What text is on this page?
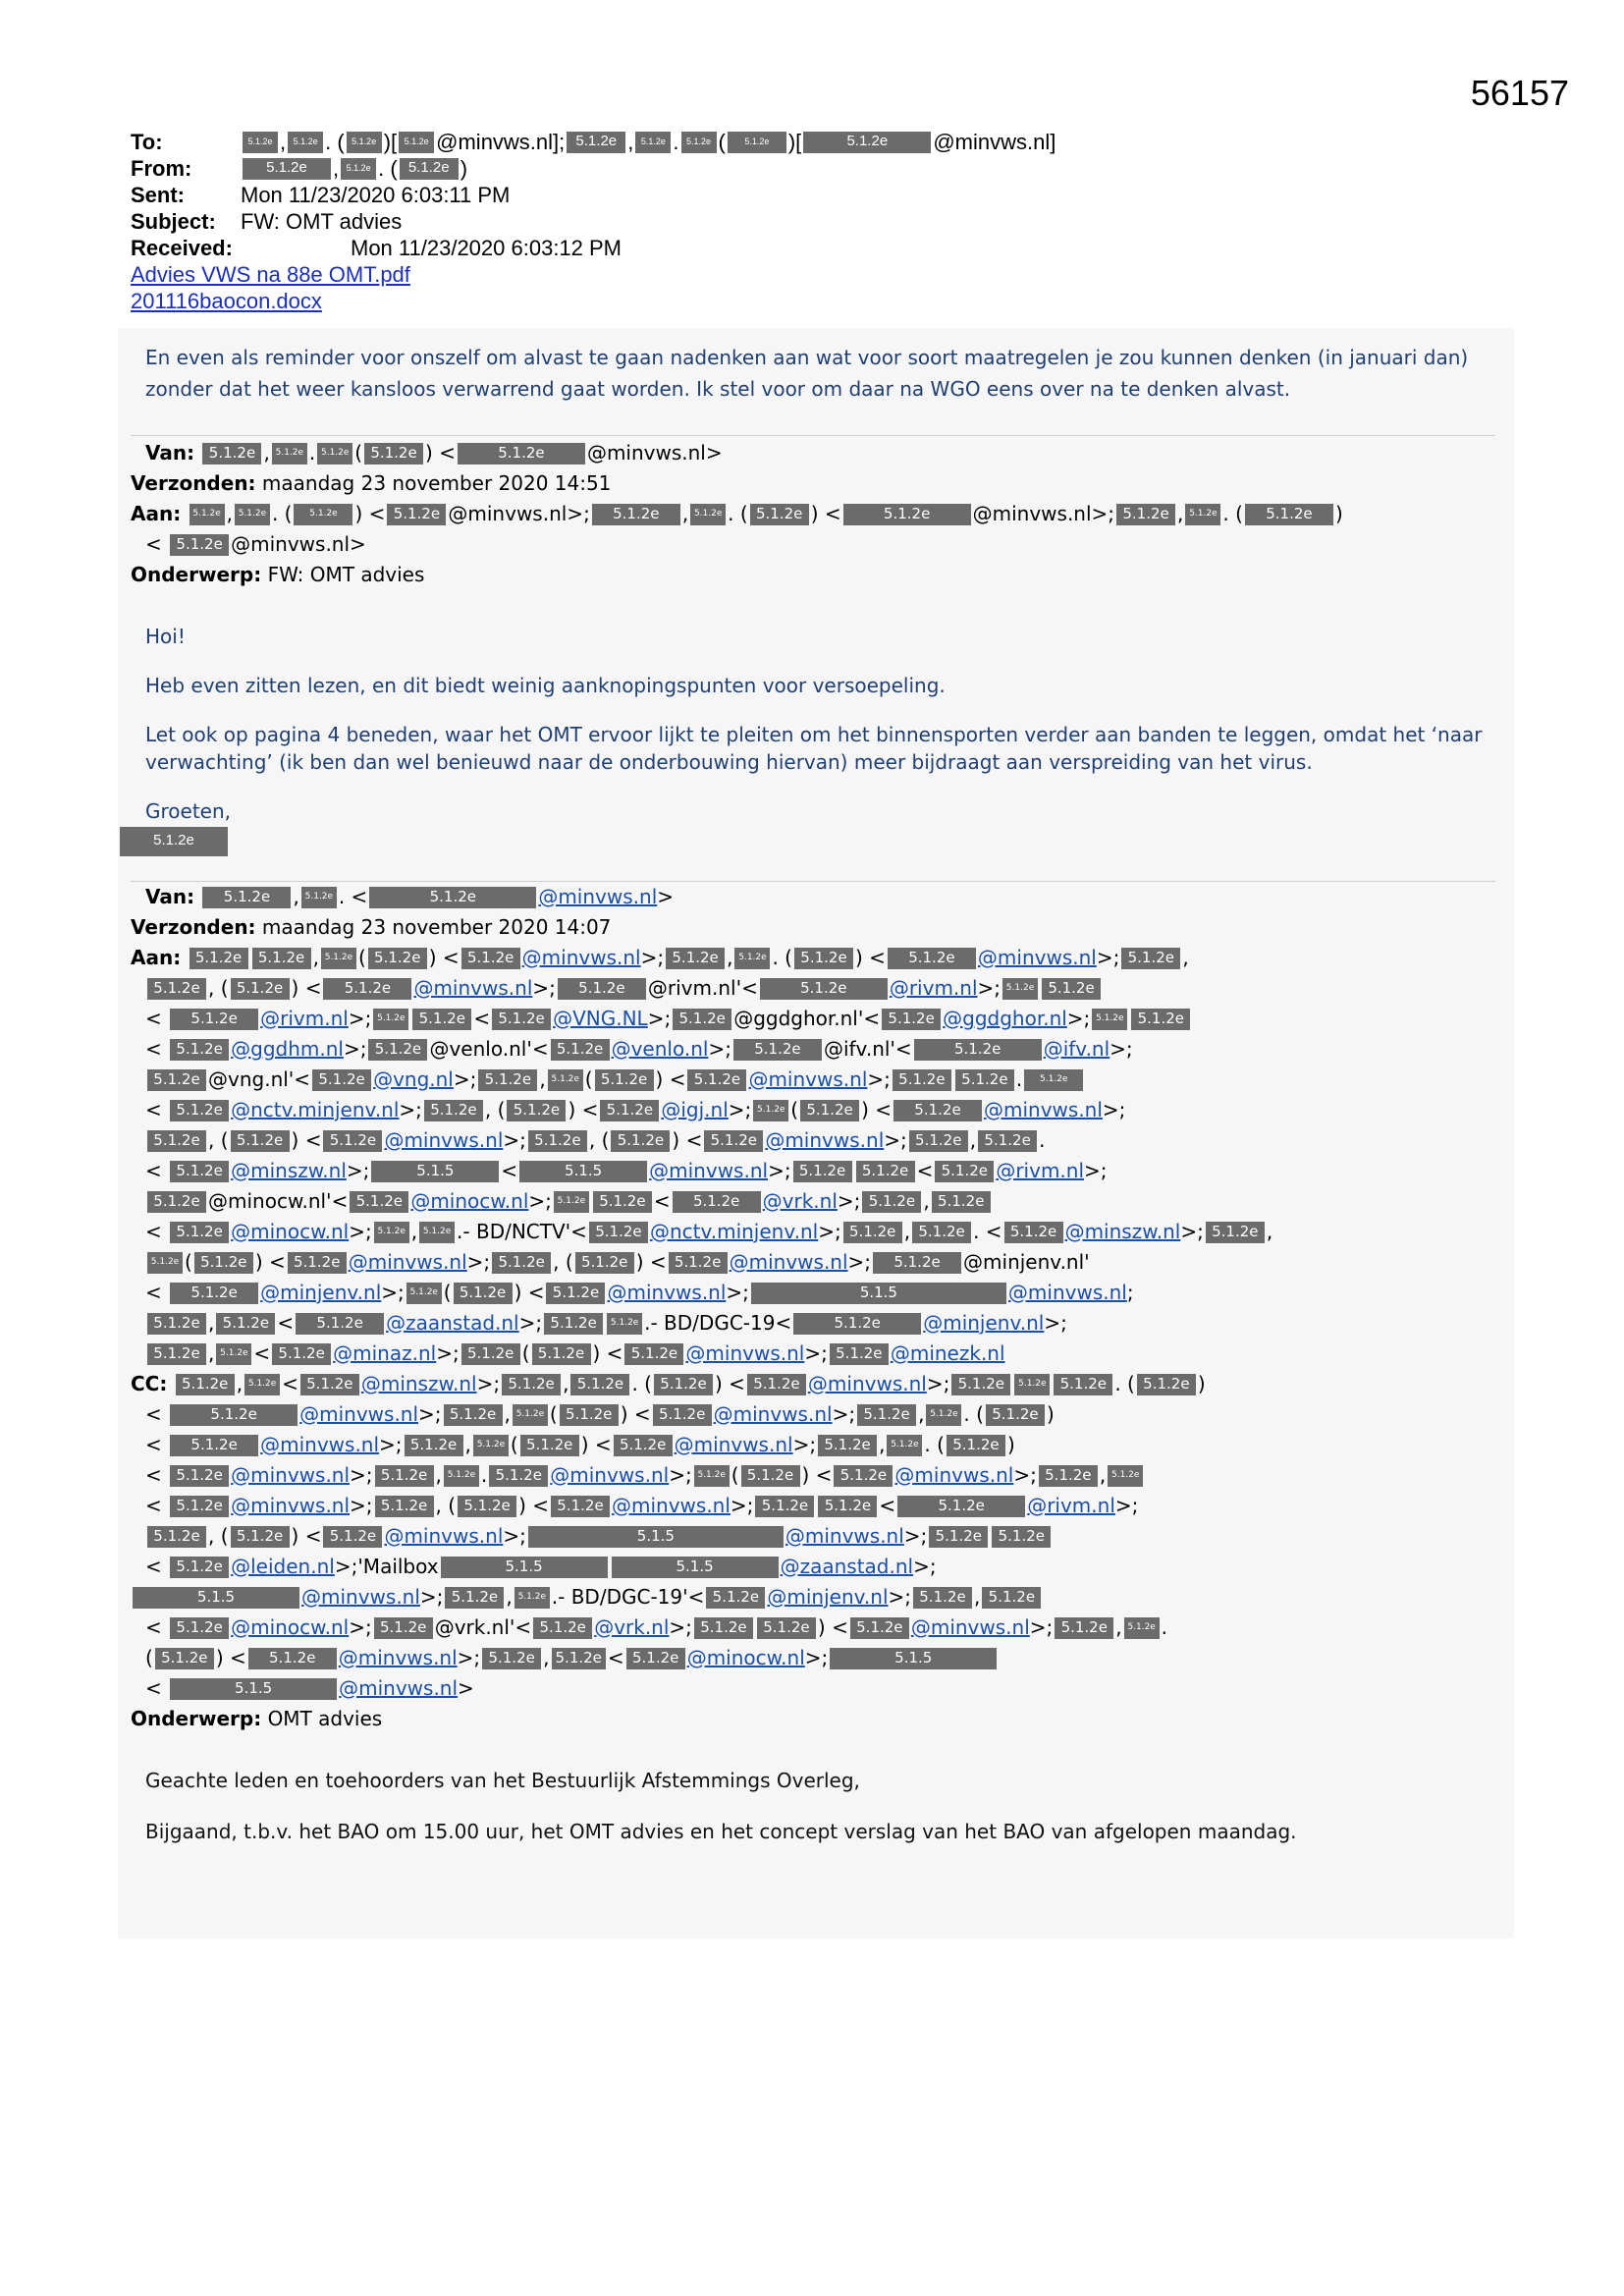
56157
To:	5.1.2e , 5.1.2e . ( 5.1.2e )[ 5.1.2e @minvws.nl]; 5.1.2e , 5.1.2e . 5.1.2e (	5.1.2e )[	5.1.2e	@minvws.nl]
From:	5.1.2e	, 5.1.2e . ( 5.1.2e )
Sent:	Mon 11/23/2020 6:03:11 PM
Subject:	FW: OMT advies
Received:	Mon 11/23/2020 6:03:12 PM
Advies VWS na 88e OMT.pdf
201116baocon.docx
En even als reminder voor onszelf om alvast te gaan nadenken aan wat voor soort maatregelen je zou kunnen denken (in januari dan) zonder dat het weer kansloos verwarrend gaat worden. Ik stel voor om daar na WGO eens over na te denken alvast.
Van:
5.1.2e , 5.1.2e . 5.1.2e ( 5.1.2e ) <	5.1.2e	@minvws.nl>
Verzonden:
maandag 23 november 2020 14:51
Aan:
	5.1.2e , 5.1.2e . (	5.1.2e ) < 5.1.2e @minvws.nl>;	5.1.2e	, 5.1.2e . ( 5.1.2e ) <	5.1.2e	@minvws.nl>; 5.1.2e , 5.1.2e . (	5.1.2e	)
< 5.1.2e @minvws.nl>
Onderwerp:
FW: OMT advies

Hoi!

Heb even zitten lezen, en dit biedt weinig aanknopingspunten voor versoepeling.

Let ook op pagina 4 beneden, waar het OMT ervoor lijkt te pleiten om het binnensporten verder aan banden te leggen, omdat het ‘naar verwachting’ (ik ben dan wel benieuwd naar de onderbouwing hiervan) meer bijdraagt aan verspreiding van het virus.

Groeten,

5.1.2e
Van:
	5.1.2e	, 5.1.2e . <	5.1.2e	@minvws.nl >
Verzonden:
maandag 23 november 2020 14:07
Aan:
5.1.2e	5.1.2e , 5.1.2e ( 5.1.2e ) < 5.1.2e @minvws.nl >; 5.1.2e , 5.1.2e . ( 5.1.2e ) <	5.1.2e	@minvws.nl >; 5.1.2e ,
5.1.2e , ( 5.1.2e ) <	5.1.2e	@minvws.nl >;	5.1.2e	@rivm.nl' <	5.1.2e	@rivm.nl >; 5.1.2e 5.1.2e
<	5.1.2e	@rivm.nl >; 5.1.2e 5.1.2e < 5.1.2e @VNG.NL >; 5.1.2e @ggdghor.nl' < 5.1.2e @ggdghor.nl >; 5.1.2e 5.1.2e
< 5.1.2e @ggdhm.nl >; 5.1.2e @venlo.nl' < 5.1.2e @venlo.nl >;	5.1.2e	@ifv.nl' <	5.1.2e	@ifv.nl >;
5.1.2e @vng.nl' < 5.1.2e @vng.nl >; 5.1.2e , 5.1.2e ( 5.1.2e ) < 5.1.2e @minvws.nl >; 5.1.2e	5.1.2e .	5.1.2e
< 5.1.2e @nctv.minjenv.nl >; 5.1.2e , ( 5.1.2e ) < 5.1.2e @igj.nl >; 5.1.2e ( 5.1.2e ) <	5.1.2e	@minvws.nl >;
5.1.2e , ( 5.1.2e ) < 5.1.2e @minvws.nl >; 5.1.2e , ( 5.1.2e ) < 5.1.2e @minvws.nl >; 5.1.2e , 5.1.2e .
< 5.1.2e @minszw.nl >;	5.1.5	<	5.1.5	@minvws.nl >; 5.1.2e	5.1.2e < 5.1.2e @rivm.nl >;
5.1.2e @minocw.nl' < 5.1.2e @minocw.nl >; 5.1.2e 5.1.2e <	5.1.2e	@vrk.nl >; 5.1.2e , 5.1.2e
< 5.1.2e @minocw.nl >; 5.1.2e , 5.1.2e . - BD/NCTV' < 5.1.2e @nctv.minjenv.nl >; 5.1.2e , 5.1.2e . < 5.1.2e @minszw.nl >; 5.1.2e ,
5.1.2e ( 5.1.2e ) < 5.1.2e @minvws.nl >; 5.1.2e , ( 5.1.2e ) < 5.1.2e @minvws.nl >;	5.1.2e	@minjenv.nl'
<	5.1.2e	@minjenv.nl >; 5.1.2e ( 5.1.2e ) < 5.1.2e @minvws.nl >;	5.1.5	@minvws.nl ;
5.1.2e , 5.1.2e <	5.1.2e	@zaanstad.nl >; 5.1.2e	5.1.2e . - BD/DGC-19 <	5.1.2e	@minjenv.nl >;
5.1.2e , 5.1.2e < 5.1.2e @minaz.nl >; 5.1.2e ( 5.1.2e ) < 5.1.2e @minvws.nl >; 5.1.2e @minezk.nl
CC:
5.1.2e , 5.1.2e < 5.1.2e @minszw.nl >; 5.1.2e , 5.1.2e . ( 5.1.2e ) < 5.1.2e @minvws.nl >; 5.1.2e	5.1.2e 5.1.2e . ( 5.1.2e )
<	5.1.2e	@minvws.nl >; 5.1.2e , 5.1.2e ( 5.1.2e ) < 5.1.2e @minvws.nl >; 5.1.2e , 5.1.2e . ( 5.1.2e )
<	5.1.2e	@minvws.nl >; 5.1.2e , 5.1.2e ( 5.1.2e ) < 5.1.2e @minvws.nl >; 5.1.2e , 5.1.2e . ( 5.1.2e )
< 5.1.2e @minvws.nl >; 5.1.2e , 5.1.2e . 5.1.2e @minvws.nl >; 5.1.2e ( 5.1.2e ) < 5.1.2e @minvws.nl >; 5.1.2e , 5.1.2e
< 5.1.2e @minvws.nl >; 5.1.2e , ( 5.1.2e ) < 5.1.2e @minvws.nl >; 5.1.2e	5.1.2e <	5.1.2e	@rivm.nl >;
5.1.2e , ( 5.1.2e ) < 5.1.2e @minvws.nl >;	5.1.5	@minvws.nl >; 5.1.2e	5.1.2e
< 5.1.2e @leiden.nl >; 'Mailbox	5.1.5	5.1.5	@zaanstad.nl >;
5.1.5	@minvws.nl >; 5.1.2e , 5.1.2e . - BD/DGC-19' < 5.1.2e @minjenv.nl >; 5.1.2e , 5.1.2e
< 5.1.2e @minocw.nl >; 5.1.2e @vrk.nl' < 5.1.2e @vrk.nl >; 5.1.2e	5.1.2e ) < 5.1.2e @minvws.nl >; 5.1.2e , 5.1.2e .
( 5.1.2e ) <	5.1.2e	@minvws.nl >; 5.1.2e , 5.1.2e < 5.1.2e @minocw.nl >;	5.1.5
<	5.1.5	@minvws.nl >
Onderwerp:
OMT advies

Geachte leden en toehoorders van het Bestuurlijk Afstemmings Overleg,

Bijgaand, t.b.v. het BAO om 15.00 uur, het OMT advies en het concept verslag van het BAO van afgelopen maandag.
